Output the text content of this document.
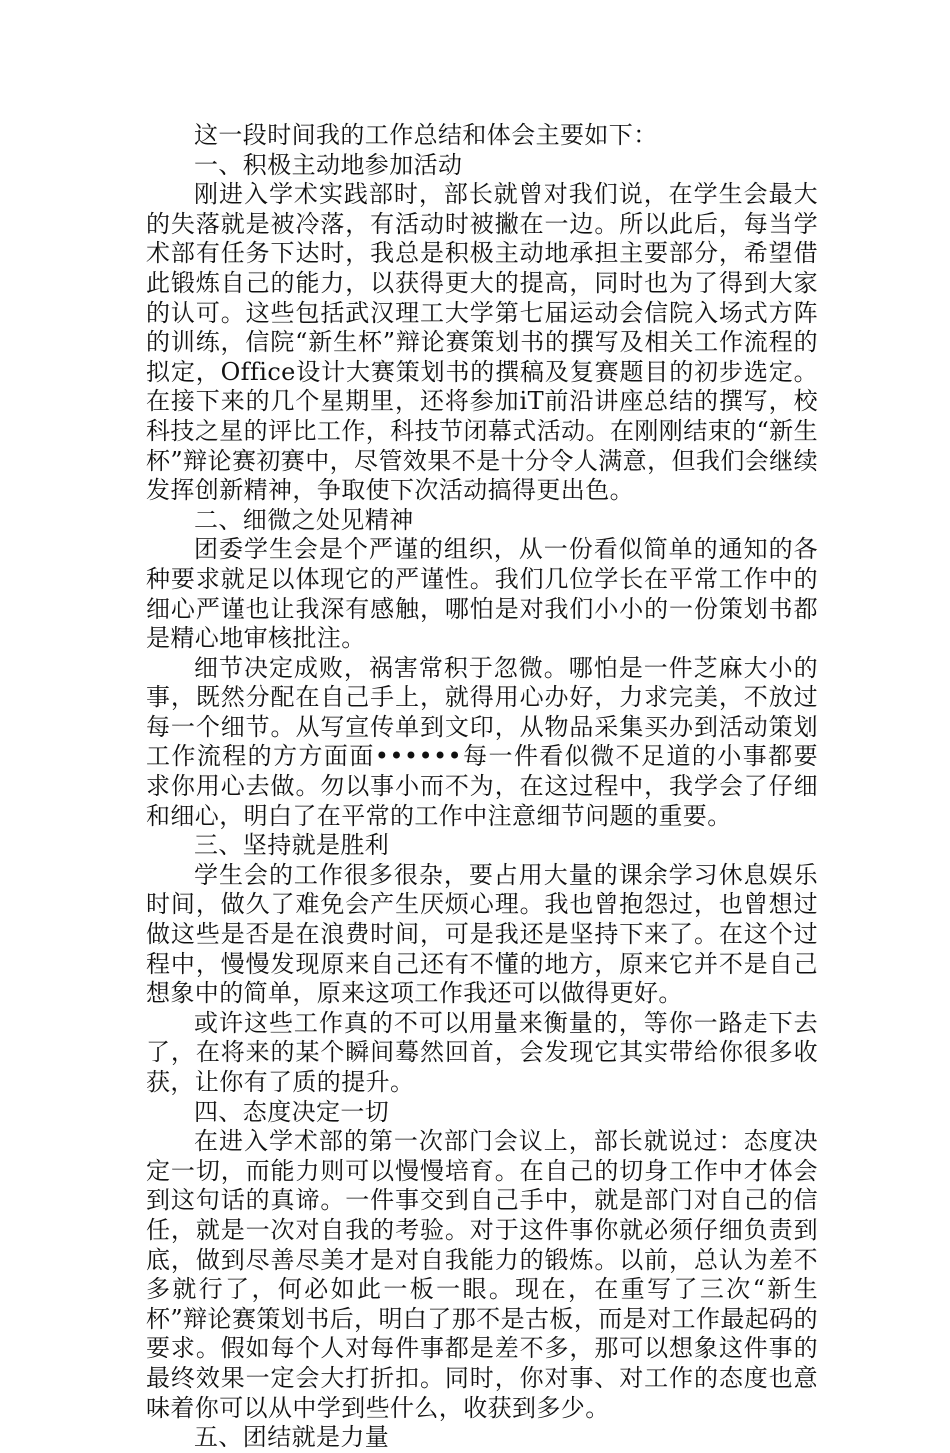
这一段时间我的工作总结和体会主要如下：

一、积极主动地参加活动

刚进入学术实践部时，部长就曾对我们说，在学生会最大的失落就是被冷落，有活动时被撇在一边。所以此后，每当学术部有任务下达时，我总是积极主动地承担主要部分，希望借此锻炼自己的能力，以获得更大的提高，同时也为了得到大家的认可。这些包括武汉理工大学第七届运动会信院入场式方阵的训练，信院“新生杯”辩论赛策划书的撰写及相关工作流程的拟定，Office设计大赛策划书的撰稿及复赛题目的初步选定。在接下来的几个星期里，还将参加iT前沿讲座总结的撰写，校科技之星的评比工作，科技节闭幕式活动。在刚刚结束的“新生杯”辩论赛初赛中，尽管效果不是十分令人满意，但我们会继续发挥创新精神，争取使下次活动搞得更出色。

二、细微之处见精神

团委学生会是个严谨的组织，从一份看似简单的通知的各种要求就足以体现它的严谨性。我们几位学长在平常工作中的细心严谨也让我深有感触，哪怕是对我们小小的一份策划书都是精心地审核批注。

细节决定成败，祸害常积于忽微。哪怕是一件芝麻大小的事，既然分配在自己手上，就得用心办好，力求完美，不放过每一个细节。从写宣传单到文印，从物品采集买办到活动策划工作流程的方方面面••••••每一件看似微不足道的小事都要求你用心去做。勿以事小而不为，在这过程中，我学会了仔细和细心，明白了在平常的工作中注意细节问题的重要。

三、坚持就是胜利

学生会的工作很多很杂，要占用大量的课余学习休息娱乐时间，做久了难免会产生厌烦心理。我也曾抱怨过，也曾想过做这些是否是在浪费时间，可是我还是坚持下来了。在这个过程中，慢慢发现原来自己还有不懂的地方，原来它并不是自己想象中的简单，原来这项工作我还可以做得更好。

或许这些工作真的不可以用量来衡量的，等你一路走下去了，在将来的某个瞬间蓦然回首，会发现它其实带给你很多收获，让你有了质的提升。

四、态度决定一切

在进入学术部的第一次部门会议上，部长就说过：态度决定一切，而能力则可以慢慢培育。在自己的切身工作中才体会到这句话的真谛。一件事交到自己手中，就是部门对自己的信任，就是一次对自我的考验。对于这件事你就必须仔细负责到底，做到尽善尽美才是对自我能力的锻炼。以前，总认为差不多就行了，何必如此一板一眼。现在，在重写了三次“新生杯”辩论赛策划书后，明白了那不是古板，而是对工作最起码的要求。假如每个人对每件事都是差不多，那可以想象这件事的最终效果一定会大打折扣。同时，你对事、对工作的态度也意味着你可以从中学到些什么，收获到多少。

五、团结就是力量
